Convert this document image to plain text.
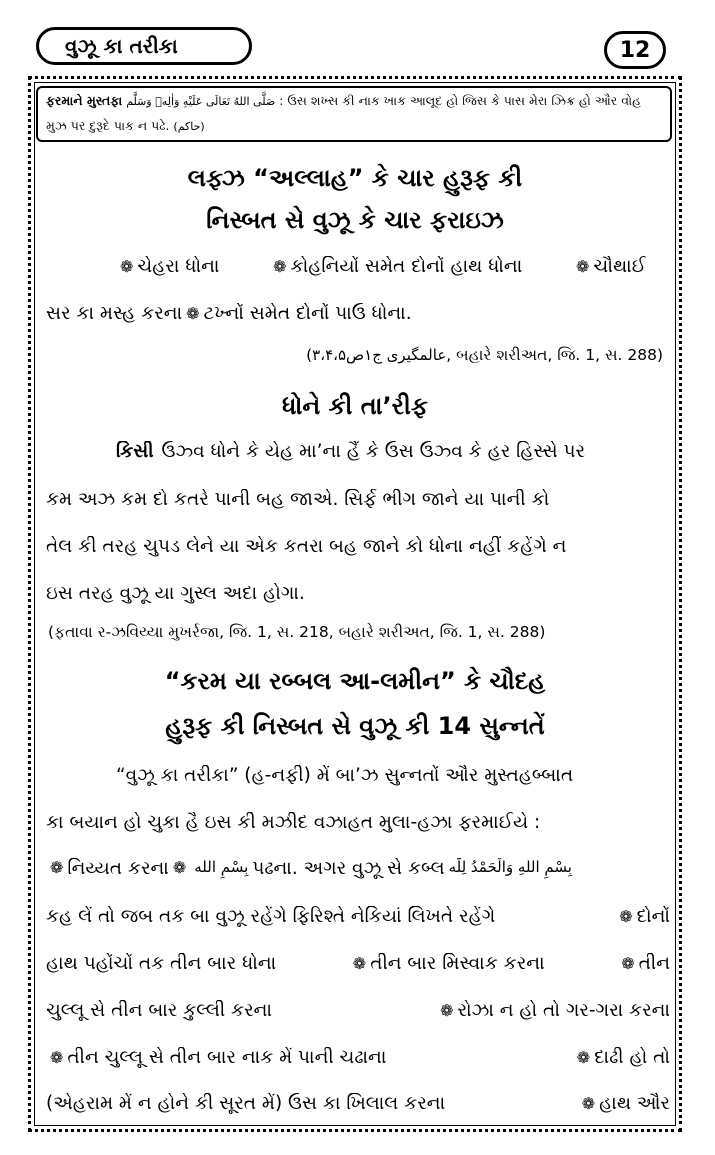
વુઝૂ કા તરીકા	12
ફરમાને મુસ્તફા صَلَّى اللهُ تَعَالَى عَلَيْهِ وَاٰلِهٖ وَسَلَّم : ઉસ શખ્સ કી નાક ખાક આલૂદ હો જિસ કે પાસ મેરા ઝિક્ર હો ઔર વોહ
મુઝ પર દુરૂદે પાક ન પઢે. (حاکم)
લફ્ઝ “અલ્લાહ” કે ચાર હુરૂફ કી
નિસ્બત સે વુઝૂ કે ચાર ફરાઇઝ
❁ ચેહરા ધોના	❁ કોહનિયોં સમેત દોનોં હાથ ધોના	❁ ચૌથાઈ
સર કા મસ્હ કરના ❁ ટખ્નોં સમેત દોનોં પાઉં ધોના.
(عالمگیری ج۱ص۳،۴،۵, બહારે શરીઅત, જિ. 1, સ. 288)
ધોને કી તા’રીફ
કિસી ઉઝ્વ ધોને કે યેહ મા’ના હૈં કે ઉસ ઉઝ્વ કે હર હિસ્સે પર
કમ અઝ કમ દો કતરે પાની બહ જાએ. સિર્ફ ભીગ જાને યા પાની કો
તેલ કી તરહ ચુપડ લેને યા એક કતરા બહ જાને કો ધોના નહીં કહેંગે ન
ઇસ તરહ વુઝૂ યા ગુસ્લ અદા હોગા.
(ફતાવા ર-ઝવિય્યા મુખર્રજા, જિ. 1, સ. 218, બહારે શરીઅત, જિ. 1, સ. 288)
“કરમ યા રબ્બલ આ-લમીન” કે ચૌદહ
હુરૂફ કી નિસ્બત સે વુઝૂ કી 14 સુન્નતેં
“વુઝૂ કા તરીકા” (હ-નફી) મેં બા’ઝ સુન્નતોં ઔર મુસ્તહબ્બાત
કા બયાન હો ચુકા હૈ ઇસ કી મઝીદ વઝાહત મુલા-હઝા ફરમાઈયે :
❁ નિય્યત કરના ❁ بِسْمِ الله પઢના. અગર વુઝૂ સે કબ્લ بِسْمِ اللهِ وَالْحَمْدُ لِلّٰه
કહ લેં તો જબ તક બા વુઝૂ રહેંગે ફિરિશ્તે નેકિયાં લિખતે રહેંગે	❁ દોનોં
હાથ પહોંચોં તક તીન બાર ધોના	❁ તીન બાર મિસ્વાક કરના	❁ તીન
ચુલ્લૂ સે તીન બાર કુલ્લી કરના	❁ રોઝા ન હો તો ગર-ગરા કરના
❁ તીન ચુલ્લૂ સે તીન બાર નાક મેં પાની ચઢાના	❁ દાઢી હો તો
(એહરામ મેં ન હોને કી સૂરત મેં) ઉસ કા ખિલાલ કરના	❁ હાથ ઔર
